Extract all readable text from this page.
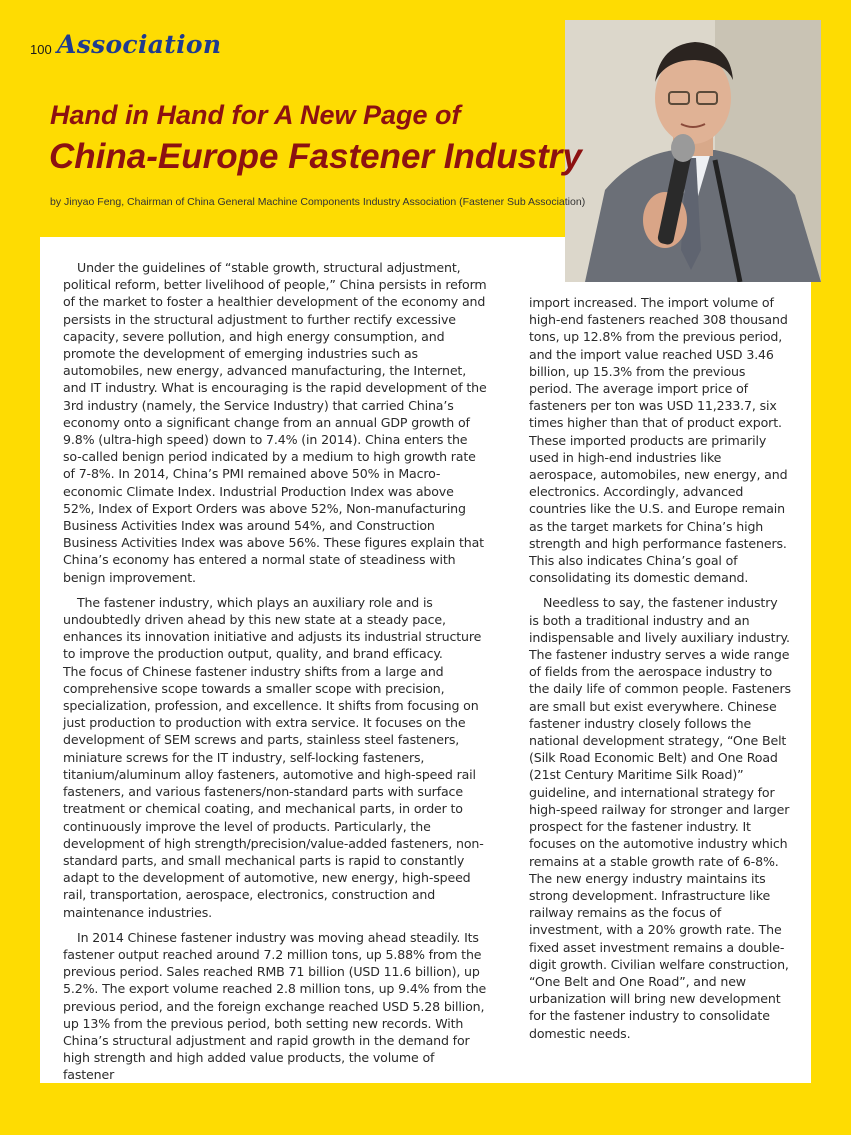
100 Association
Hand in Hand for A New Page of
China-Europe Fastener Industry
by Jinyao Feng, Chairman of China General Machine Components Industry Association (Fastener Sub Association)

Under the guidelines of “stable growth, structural adjustment, political reform, better livelihood of people,” China persists in reform of the market to foster a healthier development of the economy and persists in the structural adjustment to further rectify excessive capacity, severe pollution, and high energy consumption, and promote the development of emerging industries such as automobiles, new energy, advanced manufacturing, the Internet, and IT industry. What is encouraging is the rapid development of the 3rd industry (namely, the Service Industry) that carried China’s economy onto a significant change from an annual GDP growth of 9.8% (ultra-high speed) down to 7.4% (in 2014). China enters the so-called benign period indicated by a medium to high growth rate of 7-8%. In 2014, China’s PMI remained above 50% in Macro-economic Climate Index. Industrial Production Index was above 52%, Index of Export Orders was above 52%, Non-manufacturing Business Activities Index was around 54%, and Construction Business Activities Index was above 56%. These figures explain that China’s economy has entered a normal state of steadiness with benign improvement.

The fastener industry, which plays an auxiliary role and is undoubtedly driven ahead by this new state at a steady pace, enhances its innovation initiative and adjusts its industrial structure to improve the production output, quality, and brand efficacy.

The focus of Chinese fastener industry shifts from a large and comprehensive scope towards a smaller scope with precision, specialization, profession, and excellence. It shifts from focusing on just production to production with extra service. It focuses on the development of SEM screws and parts, stainless steel fasteners, miniature screws for the IT industry, self-locking fasteners, titanium/aluminum alloy fasteners, automotive and high-speed rail fasteners, and various fasteners/non-standard parts with surface treatment or chemical coating, and mechanical parts, in order to continuously improve the level of products. Particularly, the development of high strength/precision/value-added fasteners, non-standard parts, and small mechanical parts is rapid to constantly adapt to the development of automotive, new energy, high-speed rail, transportation, aerospace, electronics, construction and maintenance industries.

In 2014 Chinese fastener industry was moving ahead steadily. Its fastener output reached around 7.2 million tons, up 5.88% from the previous period. Sales reached RMB 71 billion (USD 11.6 billion), up 5.2%. The export volume reached 2.8 million tons, up 9.4% from the previous period, and the foreign exchange reached USD 5.28 billion, up 13% from the previous period, both setting new records. With China’s structural adjustment and rapid growth in the demand for high strength and high added value products, the volume of fastener

import increased. The import volume of high-end fasteners reached 308 thousand tons, up 12.8% from the previous period, and the import value reached USD 3.46 billion, up 15.3% from the previous period. The average import price of fasteners per ton was USD 11,233.7, six times higher than that of product export. These imported products are primarily used in high-end industries like aerospace, automobiles, new energy, and electronics. Accordingly, advanced countries like the U.S. and Europe remain as the target markets for China’s high strength and high performance fasteners. This also indicates China’s goal of consolidating its domestic demand.

Needless to say, the fastener industry is both a traditional industry and an indispensable and lively auxiliary industry. The fastener industry serves a wide range of fields from the aerospace industry to the daily life of common people. Fasteners are small but exist everywhere. Chinese fastener industry closely follows the national development strategy, “One Belt (Silk Road Economic Belt) and One Road (21st Century Maritime Silk Road)” guideline, and international strategy for high-speed railway for stronger and larger prospect for the fastener industry. It focuses on the automotive industry which remains at a stable growth rate of 6-8%. The new energy industry maintains its strong development. Infrastructure like railway remains as the focus of investment, with a 20% growth rate. The fixed asset investment remains a double-digit growth. Civilian welfare construction, “One Belt and One Road”, and new urbanization will bring new development for the fastener industry to consolidate domestic needs.
